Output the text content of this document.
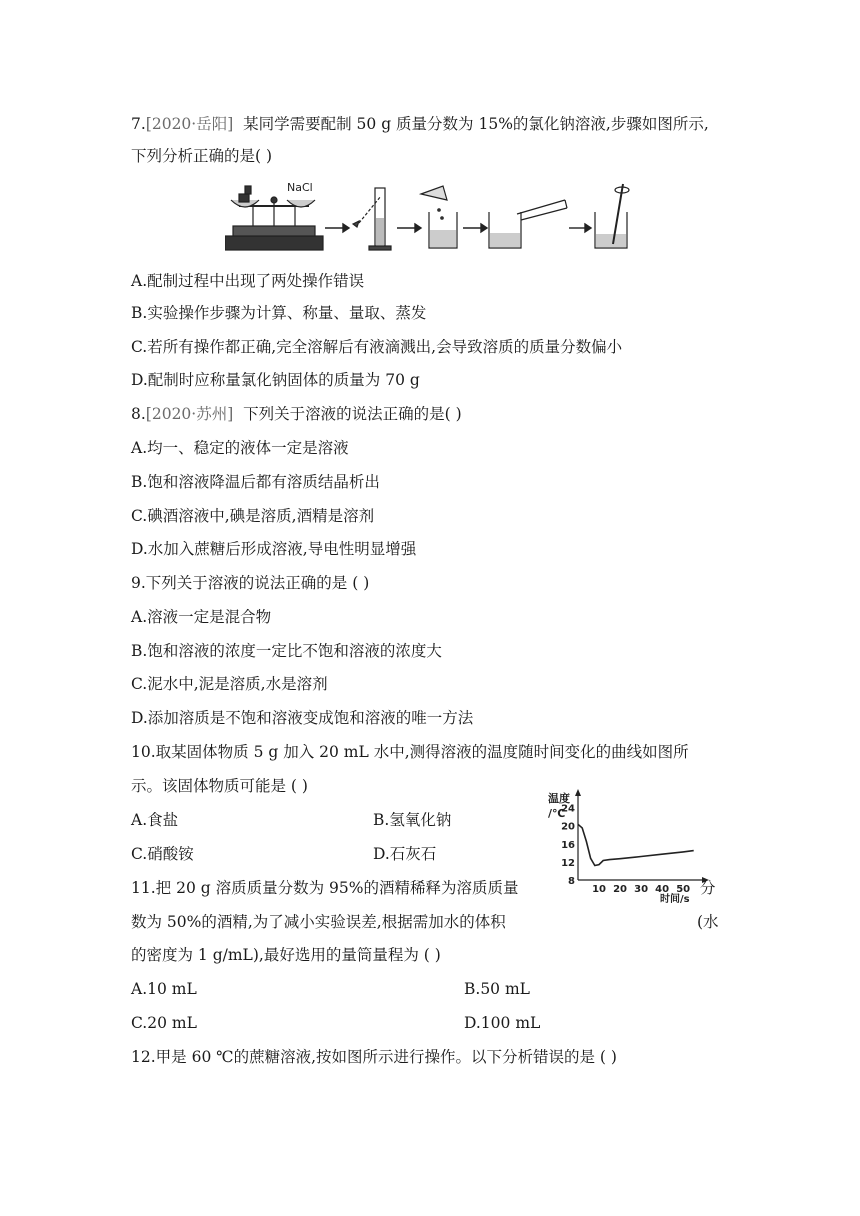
7.[2020·岳阳] 某同学需要配制 50 g 质量分数为 15%的氯化钠溶液,步骤如图所示,
下列分析正确的是( )
NaCl
A.配制过程中出现了两处操作错误
B.实验操作步骤为计算、称量、量取、蒸发
C.若所有操作都正确,完全溶解后有液滴溅出,会导致溶质的质量分数偏小
D.配制时应称量氯化钠固体的质量为 70 g
8.[2020·苏州] 下列关于溶液的说法正确的是( )
A.均一、稳定的液体一定是溶液
B.饱和溶液降温后都有溶质结晶析出
C.碘酒溶液中,碘是溶质,酒精是溶剂
D.水加入蔗糖后形成溶液,导电性明显增强
9.下列关于溶液的说法正确的是 ( )
A.溶液一定是混合物
B.饱和溶液的浓度一定比不饱和溶液的浓度大
C.泥水中,泥是溶质,水是溶剂
D.添加溶质是不饱和溶液变成饱和溶液的唯一方法
10.取某固体物质 5 g 加入 20 mL 水中,测得溶液的温度随时间变化的曲线如图所
示。该固体物质可能是 ( )
A.食盐	B.氢氧化钠
C.硝酸铵	D.石灰石
温度
/℃
时间/s
8
12
16
20
24
10 20 30 40 50
11.把 20 g 溶质质量分数为 95%的酒精稀释为溶质质量	分
数为 50%的酒精,为了减小实验误差,根据需加水的体积	(水
的密度为 1 g/mL),最好选用的量筒量程为 ( )
A.10 mL	B.50 mL
C.20 mL	D.100 mL
12.甲是 60 ℃的蔗糖溶液,按如图所示进行操作。以下分析错误的是 ( )
